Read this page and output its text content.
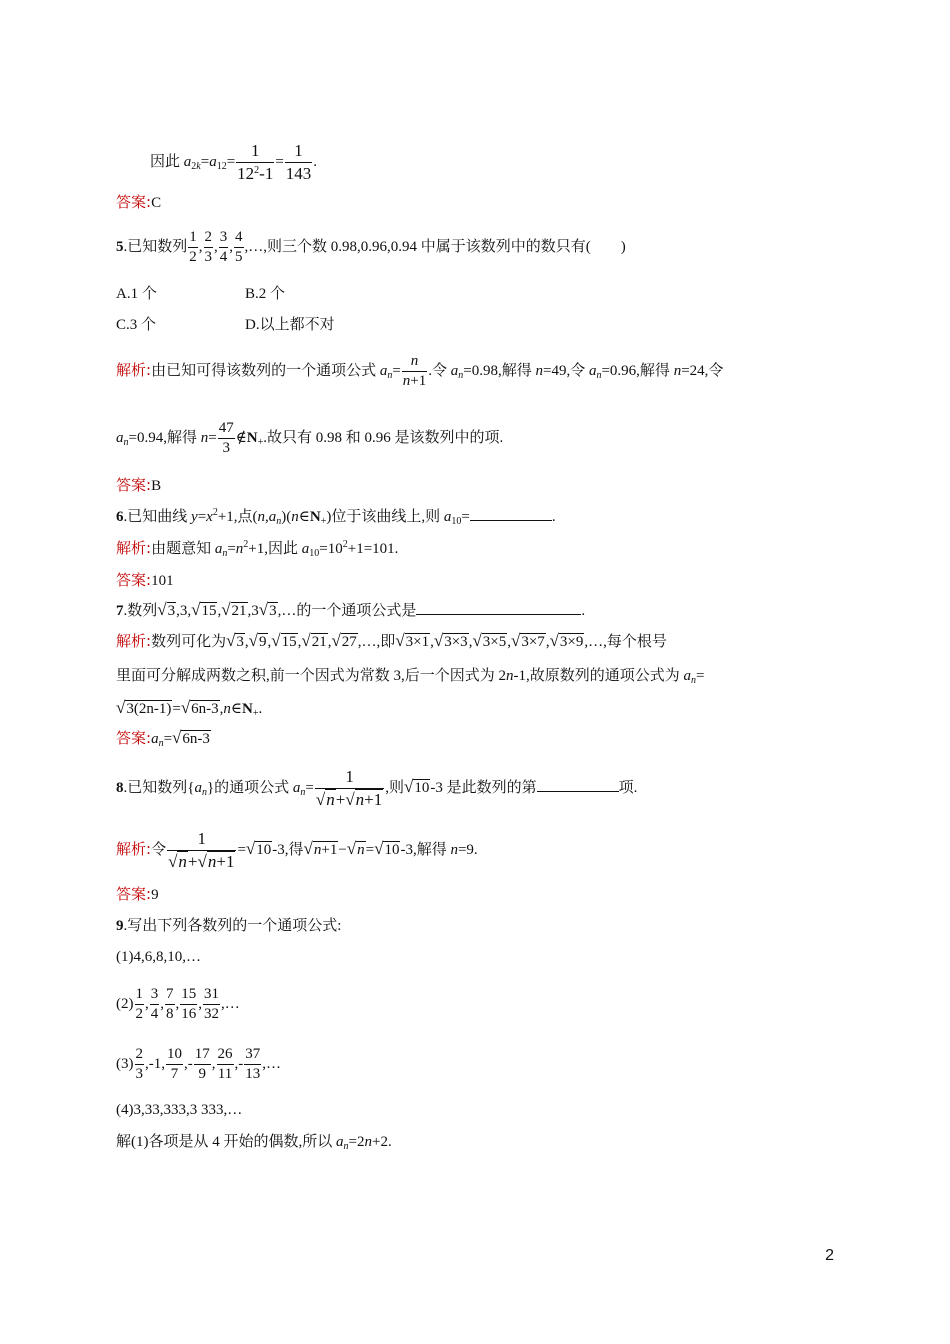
因此 $a_{2k}=a_{12}= \frac{1}{12^2-1} = \frac{1}{143}$ .
答案:C
5.已知数列 $\frac{1}{2}$ , $\frac{2}{3}$ , $\frac{3}{4}$ , $\frac{4}{5}$ ,…,则三个数 0.98,0.96,0.94 中属于该数列中的数只有(　　)
A.1 个	B.2 个
C.3 个	D.以上都不对
解析:由已知可得该数列的一个通项公式 $a_n= \frac{n}{n+1}$ .令 $a_n=0.98$,解得 n=49,令 $a_n=0.96$,解得 n=24,令
$a_n=0.94$,解得 $n= \frac{47}{3}$ $\notin N_+$.故只有 0.98 和 0.96 是该数列中的项.
答案:B
6.已知曲线 $y=x^2+1$,点$(n,a_n)(n\in N_+)$位于该曲线上,则 $a_{10}=$	.
解析:由题意知 $a_n=n^2+1$,因此 $a_{10}=10^2+1=101$.
答案:101
7.数列√3,3,√15,√21,3√3,…的一个通项公式是	.
解析:数列可化为√3,√9,√15,√21,√27,…,即√3×1,√3×3,√3×5,√3×7,√3×9,…,每个根号
里面可分解成两数之积,前一个因式为常数 3,后一个因式为 2n-1,故原数列的通项公式为 $a_n=$
$√3(2n-1)=√6n-3,n\in N_+$.
答案$:a_n=√6n-3$
8.已知数列$\{a_n\}$的通项公式 $a_n= \frac{1}{√n+√n+1}$ ,则√10-3 是此数列的第	项.
解析:令 $\frac{1}{√n+√n+1} =√10-3$,得√n+1−√n=√10-3,解得 n=9.
答案:9
9.写出下列各数列的一个通项公式:
(1)4,6,8,10,…
$(2) \frac{1}{2}$ , $\frac{3}{4}$ , $\frac{7}{8}$ , $\frac{15}{16}$ , $\frac{31}{32}$ ,…
$(3) \frac{2}{3} ,-1$, $\frac{10}{7}$ ,- $\frac{17}{9}$ , $\frac{26}{11}$ ,- $\frac{37}{13}$ ,…
(4)3,33,333,3 333,…
解(1)各项是从 4 开始的偶数,所以 $a_n=2n+2$.
2
